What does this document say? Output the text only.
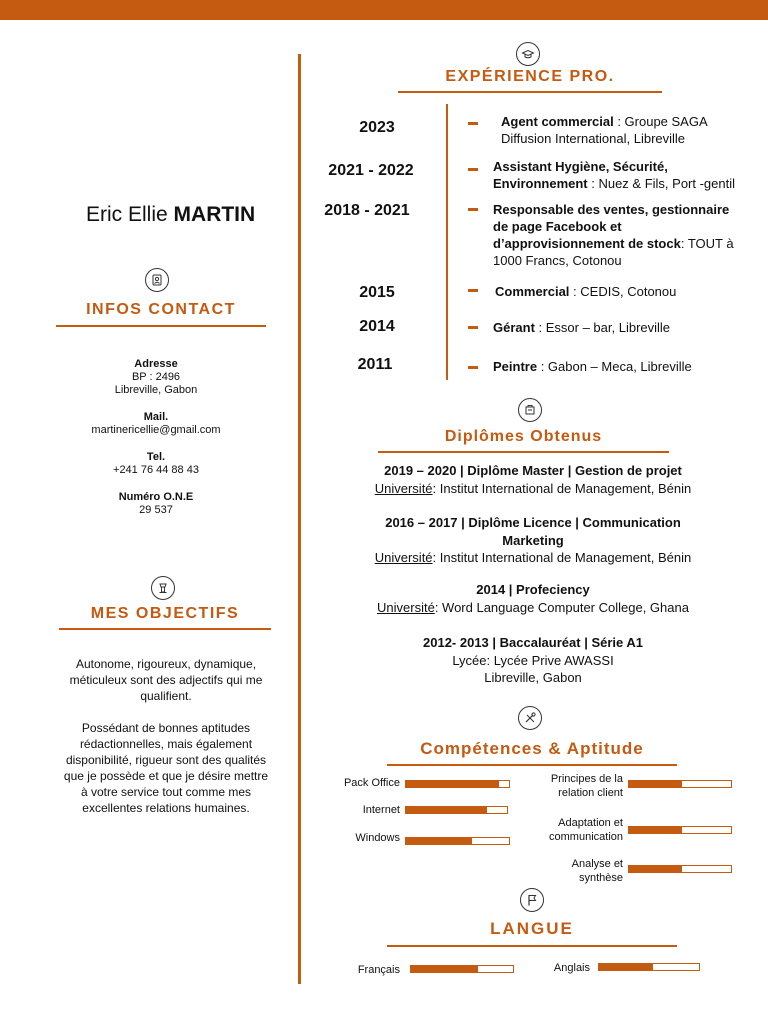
Eric Ellie MARTIN
INFOS CONTACT
Adresse
BP : 2496
Libreville, Gabon
Mail.
martinericellie@gmail.com
Tel.
+241 76 44 88 43
Numéro O.N.E
29 537
MES OBJECTIFS
Autonome, rigoureux, dynamique, méticuleux sont des adjectifs qui me qualifient.
Possédant de bonnes aptitudes rédactionnelles, mais également disponibilité, rigueur sont des qualités que je possède et que je désire mettre à votre service tout comme mes excellentes relations humaines.
EXPÉRIENCE PRO.
2023	Agent commercial : Groupe SAGA Diffusion International, Libreville
2021 - 2022	Assistant Hygiène, Sécurité, Environnement : Nuez & Fils, Port -gentil
2018 - 2021	Responsable des ventes, gestionnaire de page Facebook et d’approvisionnement de stock: TOUT à 1000 Francs, Cotonou
2015	Commercial : CEDIS, Cotonou
2014	Gérant : Essor – bar, Libreville
2011	Peintre : Gabon – Meca, Libreville
Diplômes Obtenus
2019 – 2020 | Diplôme Master | Gestion de projet
Université: Institut International de Management, Bénin
2016 – 2017 | Diplôme Licence | Communication Marketing
Université: Institut International de Management, Bénin
2014 | Profeciency
Université: Word Language Computer College, Ghana
2012- 2013 | Baccalauréat | Série A1
Lycée: Lycée Prive AWASSI
Libreville, Gabon
Compétences & Aptitude
Pack Office
Internet
Windows
Principes de la relation client
Adaptation et communication
Analyse et synthèse
LANGUE
Français	Anglais
